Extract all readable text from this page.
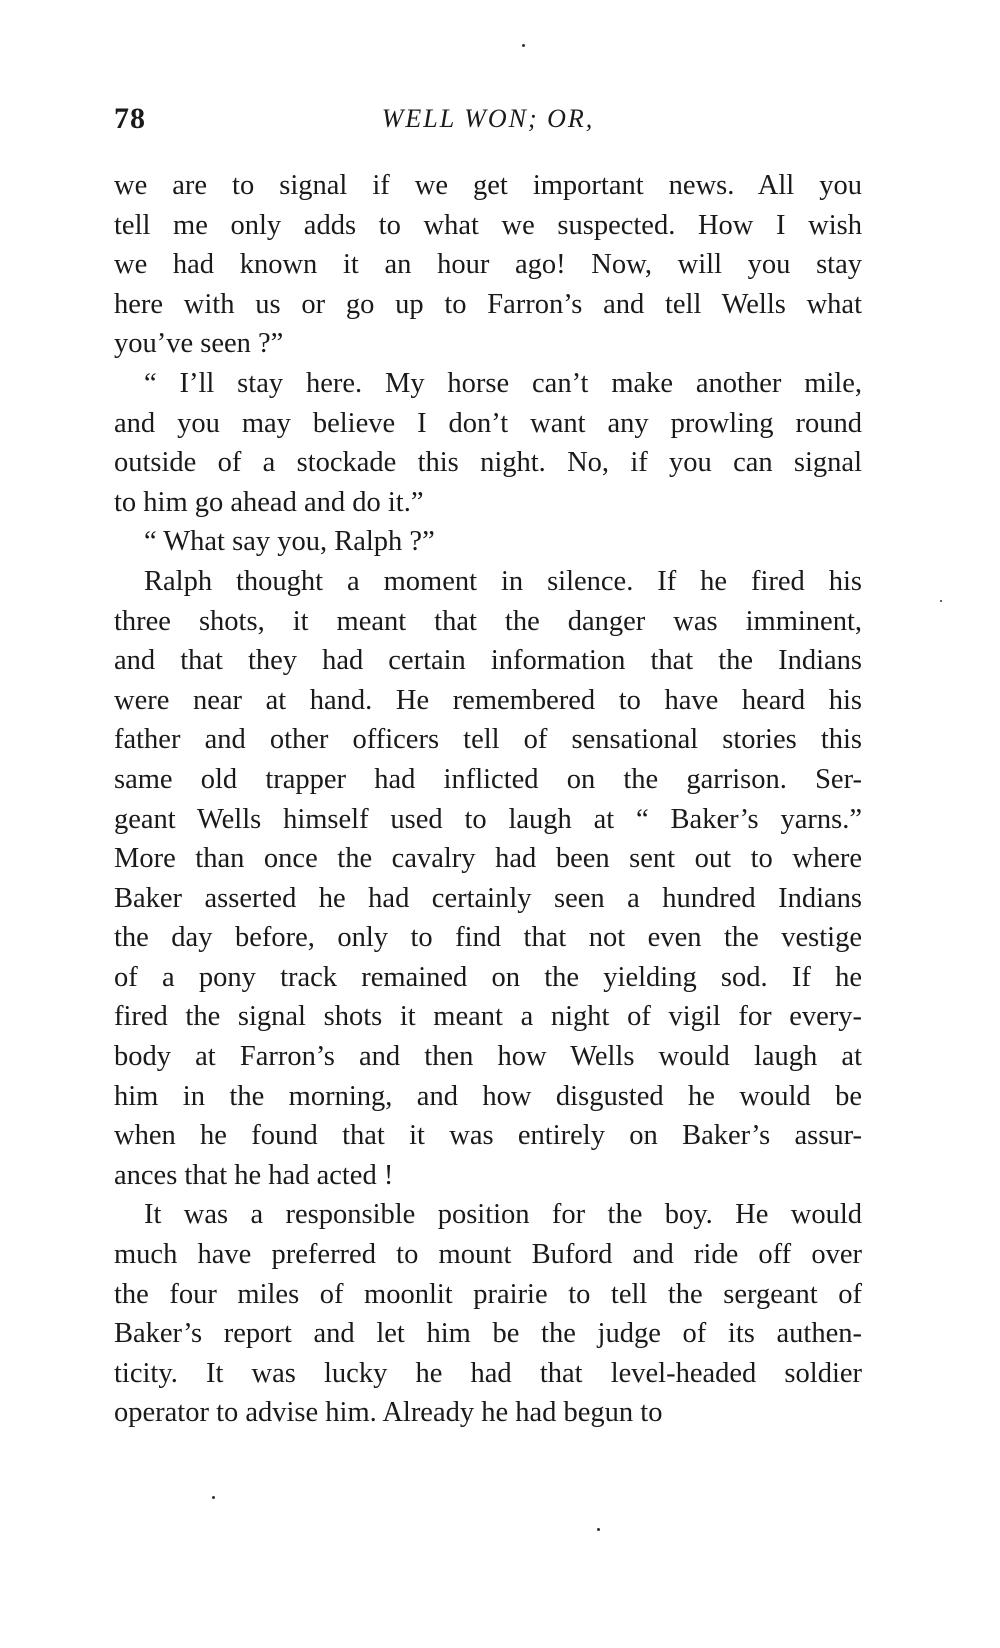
78	WELL WON; OR,
we are to signal if we get important news. All you
tell me only adds to what we suspected. How I wish
we had known it an hour ago! Now, will you stay
here with us or go up to Farron’s and tell Wells what
you’ve seen ?”
“ I’ll stay here. My horse can’t make another mile,
and you may believe I don’t want any prowling round
outside of a stockade this night. No, if you can signal
to him go ahead and do it.”
“ What say you, Ralph ?”
Ralph thought a moment in silence. If he fired his
three shots, it meant that the danger was imminent,
and that they had certain information that the Indians
were near at hand. He remembered to have heard his
father and other officers tell of sensational stories this
same old trapper had inflicted on the garrison. Ser-
geant Wells himself used to laugh at “ Baker’s yarns.”
More than once the cavalry had been sent out to where
Baker asserted he had certainly seen a hundred Indians
the day before, only to find that not even the vestige
of a pony track remained on the yielding sod. If he
fired the signal shots it meant a night of vigil for every-
body at Farron’s and then how Wells would laugh at
him in the morning, and how disgusted he would be
when he found that it was entirely on Baker’s assur-
ances that he had acted !
It was a responsible position for the boy. He would
much have preferred to mount Buford and ride off over
the four miles of moonlit prairie to tell the sergeant of
Baker’s report and let him be the judge of its authen-
ticity. It was lucky he had that level-headed soldier
operator to advise him. Already he had begun to
